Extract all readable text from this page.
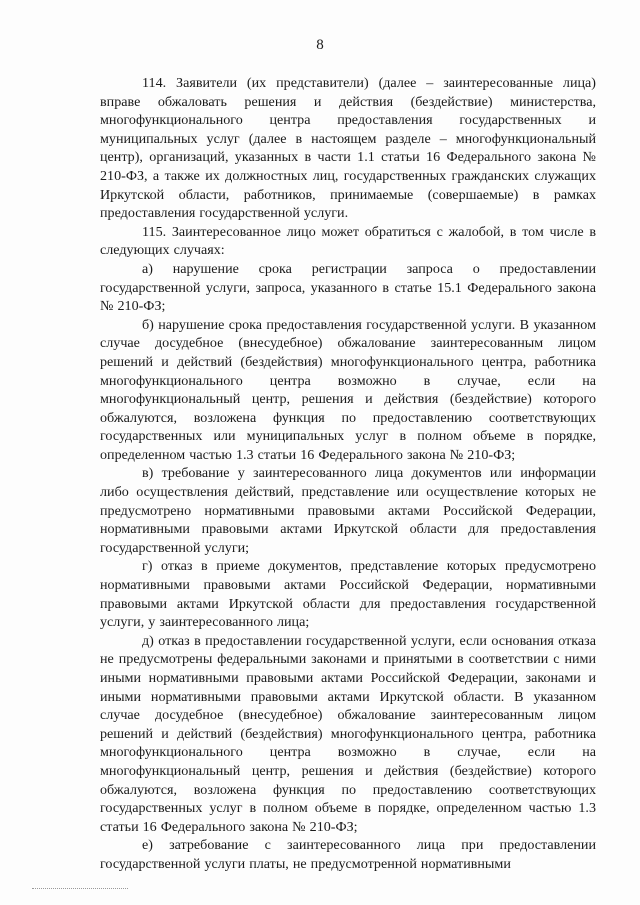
8

114. Заявители (их представители) (далее – заинтересованные лица) вправе обжаловать решения и действия (бездействие) министерства, многофункционального центра предоставления государственных и муниципальных услуг (далее в настоящем разделе – многофункциональный центр), организаций, указанных в части 1.1 статьи 16 Федерального закона № 210-ФЗ, а также их должностных лиц, государственных гражданских служащих Иркутской области, работников, принимаемые (совершаемые) в рамках предоставления государственной услуги.

115. Заинтересованное лицо может обратиться с жалобой, в том числе в следующих случаях:

а) нарушение срока регистрации запроса о предоставлении государственной услуги, запроса, указанного в статье 15.1 Федерального закона № 210-ФЗ;

б) нарушение срока предоставления государственной услуги. В указанном случае досудебное (внесудебное) обжалование заинтересованным лицом решений и действий (бездействия) многофункционального центра, работника многофункционального центра возможно в случае, если на многофункциональный центр, решения и действия (бездействие) которого обжалуются, возложена функция по предоставлению соответствующих государственных или муниципальных услуг в полном объеме в порядке, определенном частью 1.3 статьи 16 Федерального закона № 210-ФЗ;

в) требование у заинтересованного лица документов или информации либо осуществления действий, представление или осуществление которых не предусмотрено нормативными правовыми актами Российской Федерации, нормативными правовыми актами Иркутской области для предоставления государственной услуги;

г) отказ в приеме документов, представление которых предусмотрено нормативными правовыми актами Российской Федерации, нормативными правовыми актами Иркутской области для предоставления государственной услуги, у заинтересованного лица;

д) отказ в предоставлении государственной услуги, если основания отказа не предусмотрены федеральными законами и принятыми в соответствии с ними иными нормативными правовыми актами Российской Федерации, законами и иными нормативными правовыми актами Иркутской области. В указанном случае досудебное (внесудебное) обжалование заинтересованным лицом решений и действий (бездействия) многофункционального центра, работника многофункционального центра возможно в случае, если на многофункциональный центр, решения и действия (бездействие) которого обжалуются, возложена функция по предоставлению соответствующих государственных услуг в полном объеме в порядке, определенном частью 1.3 статьи 16 Федерального закона № 210-ФЗ;

е) затребование с заинтересованного лица при предоставлении государственной услуги платы, не предусмотренной нормативными
